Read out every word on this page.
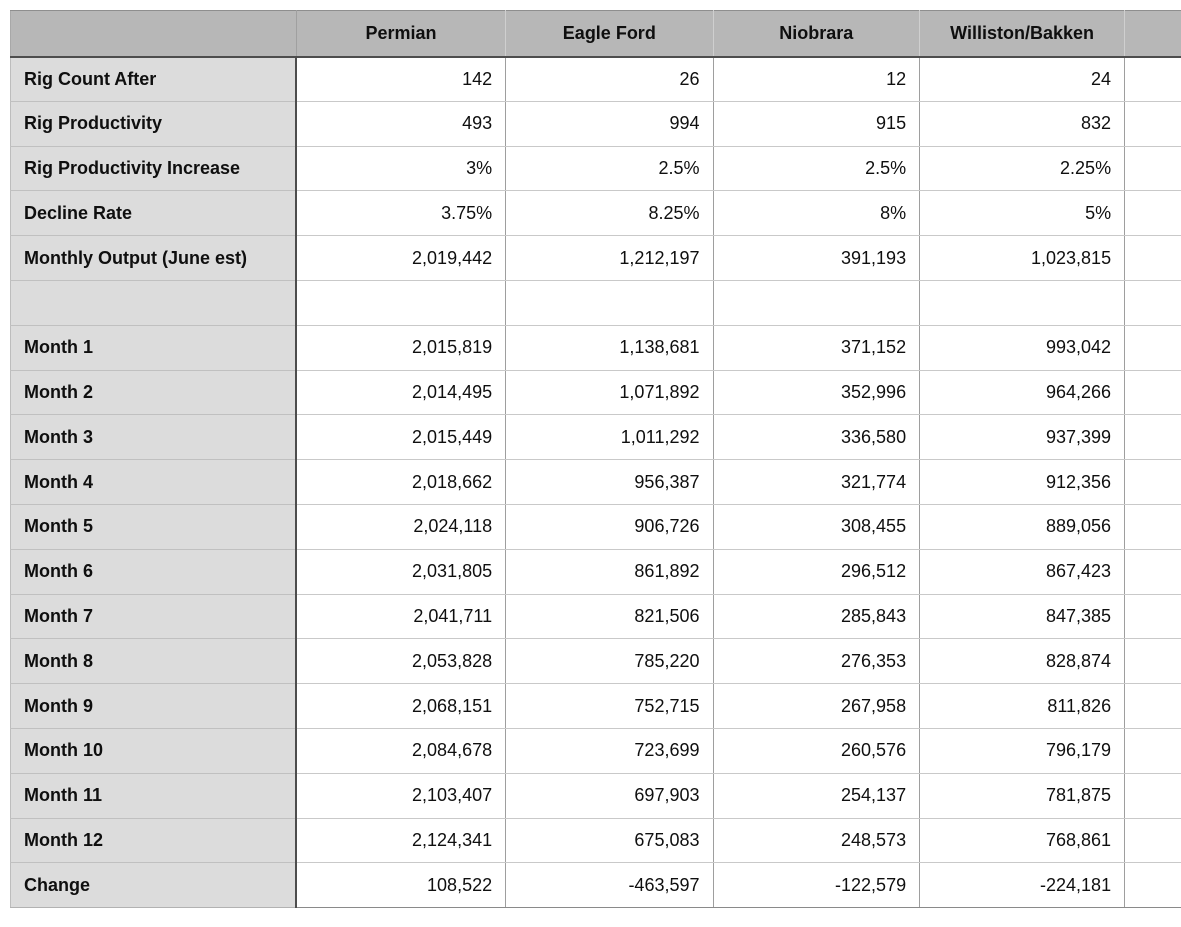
	Permian	Eagle Ford	Niobrara	Williston/Bakken	
Rig Count After	142	26	12	24	
Rig Productivity	493	994	915	832	
Rig Productivity Increase	3%	2.5%	2.5%	2.25%	
Decline Rate	3.75%	8.25%	8%	5%	
Monthly Output (June est)	2,019,442	1,212,197	391,193	1,023,815	

Month 1	2,015,819	1,138,681	371,152	993,042	
Month 2	2,014,495	1,071,892	352,996	964,266	
Month 3	2,015,449	1,011,292	336,580	937,399	
Month 4	2,018,662	956,387	321,774	912,356	
Month 5	2,024,118	906,726	308,455	889,056	
Month 6	2,031,805	861,892	296,512	867,423	
Month 7	2,041,711	821,506	285,843	847,385	
Month 8	2,053,828	785,220	276,353	828,874	
Month 9	2,068,151	752,715	267,958	811,826	
Month 10	2,084,678	723,699	260,576	796,179	
Month 11	2,103,407	697,903	254,137	781,875	
Month 12	2,124,341	675,083	248,573	768,861	
Change	108,522	-463,597	-122,579	-224,181	
